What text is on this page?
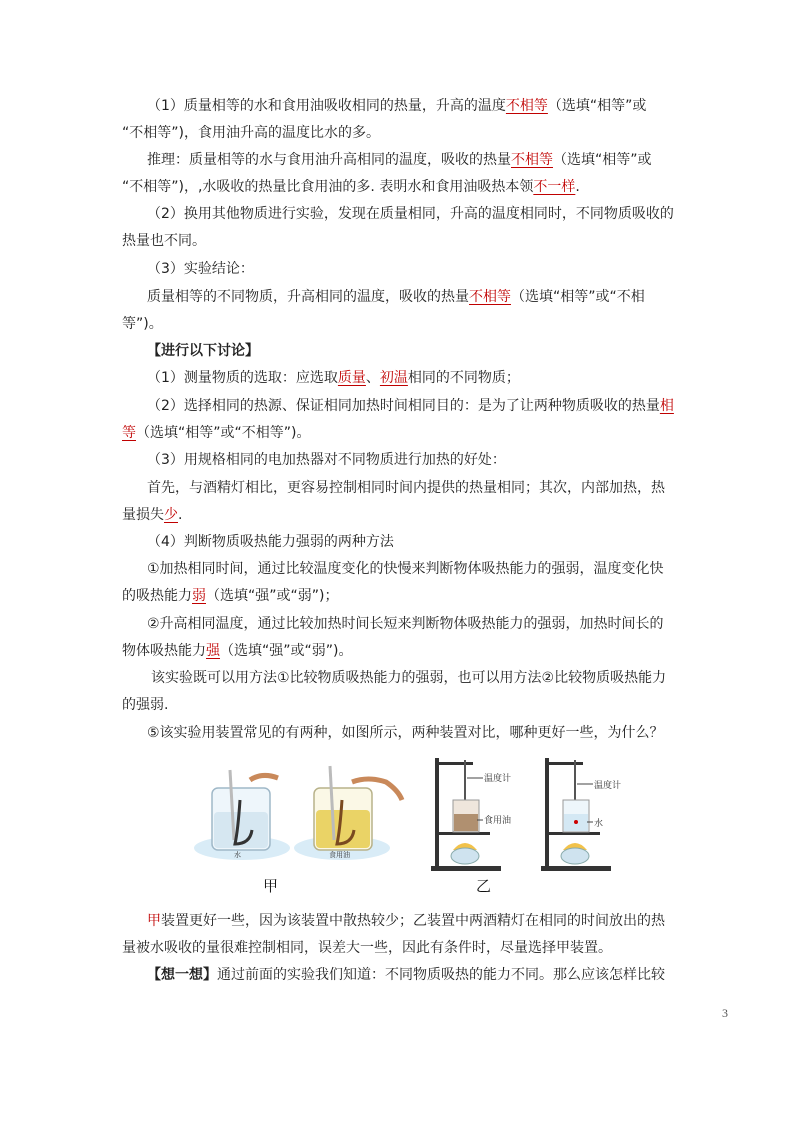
（1）质量相等的水和食用油吸收相同的热量，升高的温度不相等（选填“相等”或
“不相等”)，食用油升高的温度比水的多。
推理：质量相等的水与食用油升高相同的温度，吸收的热量不相等（选填“相等”或
“不相等”)，,水吸收的热量比食用油的多. 表明水和食用油吸热本领不一样.
（2）换用其他物质进行实验，发现在质量相同，升高的温度相同时，不同物质吸收的
热量也不同。
（3）实验结论：
质量相等的不同物质，升高相同的温度，吸收的热量不相等（选填“相等”或“不相
等”)。
【进行以下讨论】
（1）测量物质的选取：应选取质量、初温相同的不同物质；
（2）选择相同的热源、保证相同加热时间相同目的：是为了让两种物质吸收的热量相
等（选填“相等”或“不相等”)。
（3）用规格相同的电加热器对不同物质进行加热的好处：
首先，与酒精灯相比，更容易控制相同时间内提供的热量相同；其次，内部加热，热
量损失少.
（4）判断物质吸热能力强弱的两种方法
①加热相同时间，通过比较温度变化的快慢来判断物体吸热能力的强弱，温度变化快
的吸热能力弱（选填“强”或“弱”)；
②升高相同温度，通过比较加热时间长短来判断物体吸热能力的强弱，加热时间长的
物体吸热能力强（选填“强”或“弱”)。
该实验既可以用方法①比较物质吸热能力的强弱，也可以用方法②比较物质吸热能力
的强弱.
⑤该实验用装置常见的有两种，如图所示，两种装置对比，哪种更好一些，为什么？
水	食用油
温度计
食用油
温度计
水
甲	乙
甲装置更好一些，因为该装置中散热较少；乙装置中两酒精灯在相同的时间放出的热
量被水吸收的量很难控制相同，误差大一些，因此有条件时，尽量选择甲装置。
【想一想】通过前面的实验我们知道：不同物质吸热的能力不同。那么应该怎样比较
3
